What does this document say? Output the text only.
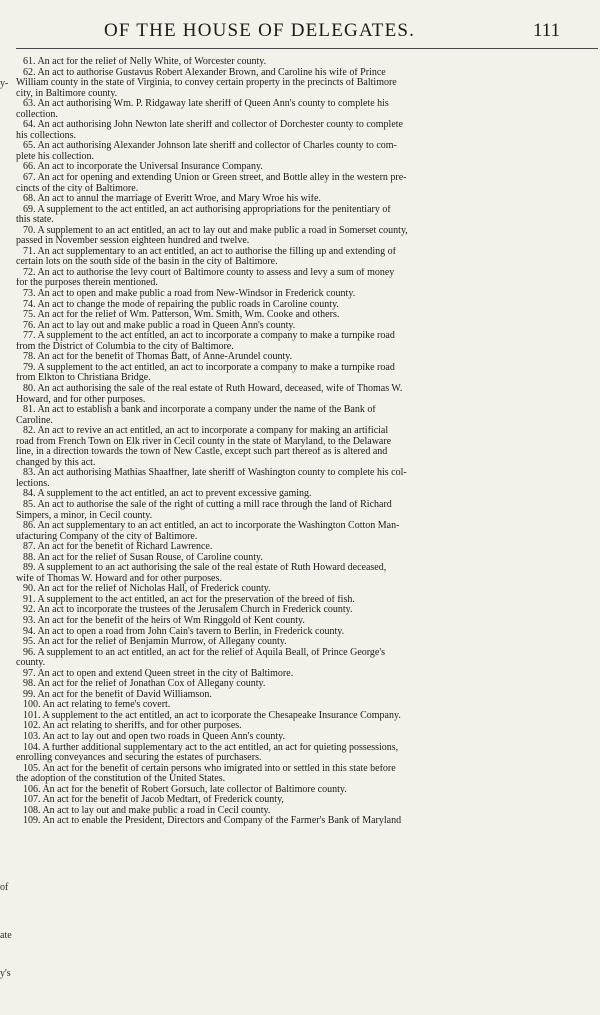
OF THE HOUSE OF DELEGATES.	111
y-
of
ate
y's
61. An act for the relief of Nelly White, of Worcester county.
62. An act to authorise Gustavus Robert Alexander Brown, and Caroline his wife of Prince
William county in the state of Virginia, to convey certain property in the precincts of Baltimore
city, in Baltimore county.
63. An act authorising Wm. P. Ridgaway late sheriff of Queen Ann's county to complete his
collection.
64. An act authorising John Newton late sheriff and collector of Dorchester county to complete
his collections.
65. An act authorising Alexander Johnson late sheriff and collector of Charles county to com-
plete his collection.
66. An act to incorporate the Universal Insurance Company.
67. An act for opening and extending Union or Green street, and Bottle alley in the western pre-
cincts of the city of Baltimore.
68. An act to annul the marriage of Everitt Wroe, and Mary Wroe his wife.
69. A supplement to the act entitled, an act authorising appropriations for the penitentiary of
this state.
70. A supplement to an act entitled, an act to lay out and make public a road in Somerset county,
passed in November session eighteen hundred and twelve.
71. An act supplementary to an act entitled, an act to authorise the filling up and extending of
certain lots on the south side of the basin in the city of Baltimore.
72. An act to authorise the levy court of Baltimore county to assess and levy a sum of money
for the purposes therein mentioned.
73. An act to open and make public a road from New-Windsor in Frederick county.
74. An act to change the mode of repairing the public roads in Caroline county.
75. An act for the relief of Wm. Patterson, Wm. Smith, Wm. Cooke and others.
76. An act to lay out and make public a road in Queen Ann's county.
77. A supplement to the act entitled, an act to incorporate a company to make a turnpike road
from the District of Columbia to the city of Baltimore.
78. An act for the benefit of Thomas Batt, of Anne-Arundel county.
79. A supplement to the act entitled, an act to incorporate a company to make a turnpike road
from Elkton to Christiana Bridge.
80. An act authorising the sale of the real estate of Ruth Howard, deceased, wife of Thomas W.
Howard, and for other purposes.
81. An act to establish a bank and incorporate a company under the name of the Bank of
Caroline.
82. An act to revive an act entitled, an act to incorporate a company for making an artificial
road from French Town on Elk river in Cecil county in the state of Maryland, to the Delaware
line, in a direction towards the town of New Castle, except such part thereof as is altered and
changed by this act.
83. An act authorising Mathias Shaaffner, late sheriff of Washington county to complete his col-
lections.
84. A supplement to the act entitled, an act to prevent excessive gaming.
85. An act to authorise the sale of the right of cutting a mill race through the land of Richard
Simpers, a minor, in Cecil county.
86. An act supplementary to an act entitled, an act to incorporate the Washington Cotton Man-
ufacturing Company of the city of Baltimore.
87. An act for the benefit of Richard Lawrence.
88. An act for the relief of Susan Rouse, of Caroline county.
89. A supplement to an act authorising the sale of the real estate of Ruth Howard deceased,
wife of Thomas W. Howard and for other purposes.
90. An act for the relief of Nicholas Hall, of Frederick county.
91. A supplement to the act entitled, an act for the preservation of the breed of fish.
92. An act to incorporate the trustees of the Jerusalem Church in Frederick county.
93. An act for the benefit of the heirs of Wm Ringgold of Kent county.
94. An act to open a road from John Cain's tavern to Berlin, in Frederick county.
95. An act for the relief of Benjamin Murrow, of Allegany county.
96. A supplement to an act entitled, an act for the relief of Aquila Beall, of Prince George's
county.
97. An act to open and extend Queen street in the city of Baltimore.
98. An act for the relief of Jonathan Cox of Allegany county.
99. An act for the benefit of David Williamson.
100. An act relating to feme's covert.
101. A supplement to the act entitled, an act to icorporate the Chesapeake Insurance Company.
102. An act relating to sheriffs, and for other purposes.
103. An act to lay out and open two roads in Queen Ann's county.
104. A further additional supplementary act to the act entitled, an act for quieting possessions,
enrolling conveyances and securing the estates of purchasers.
105. An act for the benefit of certain persons who imigrated into or settled in this state before
the adoption of the constitution of the United States.
106. An act for the benefit of Robert Gorsuch, late collector of Baltimore county.
107. An act for the benefit of Jacob Medtart, of Frederick county,
108. An act to lay out and make public a road in Cecil county.
109. An act to enable the President, Directors and Company of the Farmer's Bank of Maryland
